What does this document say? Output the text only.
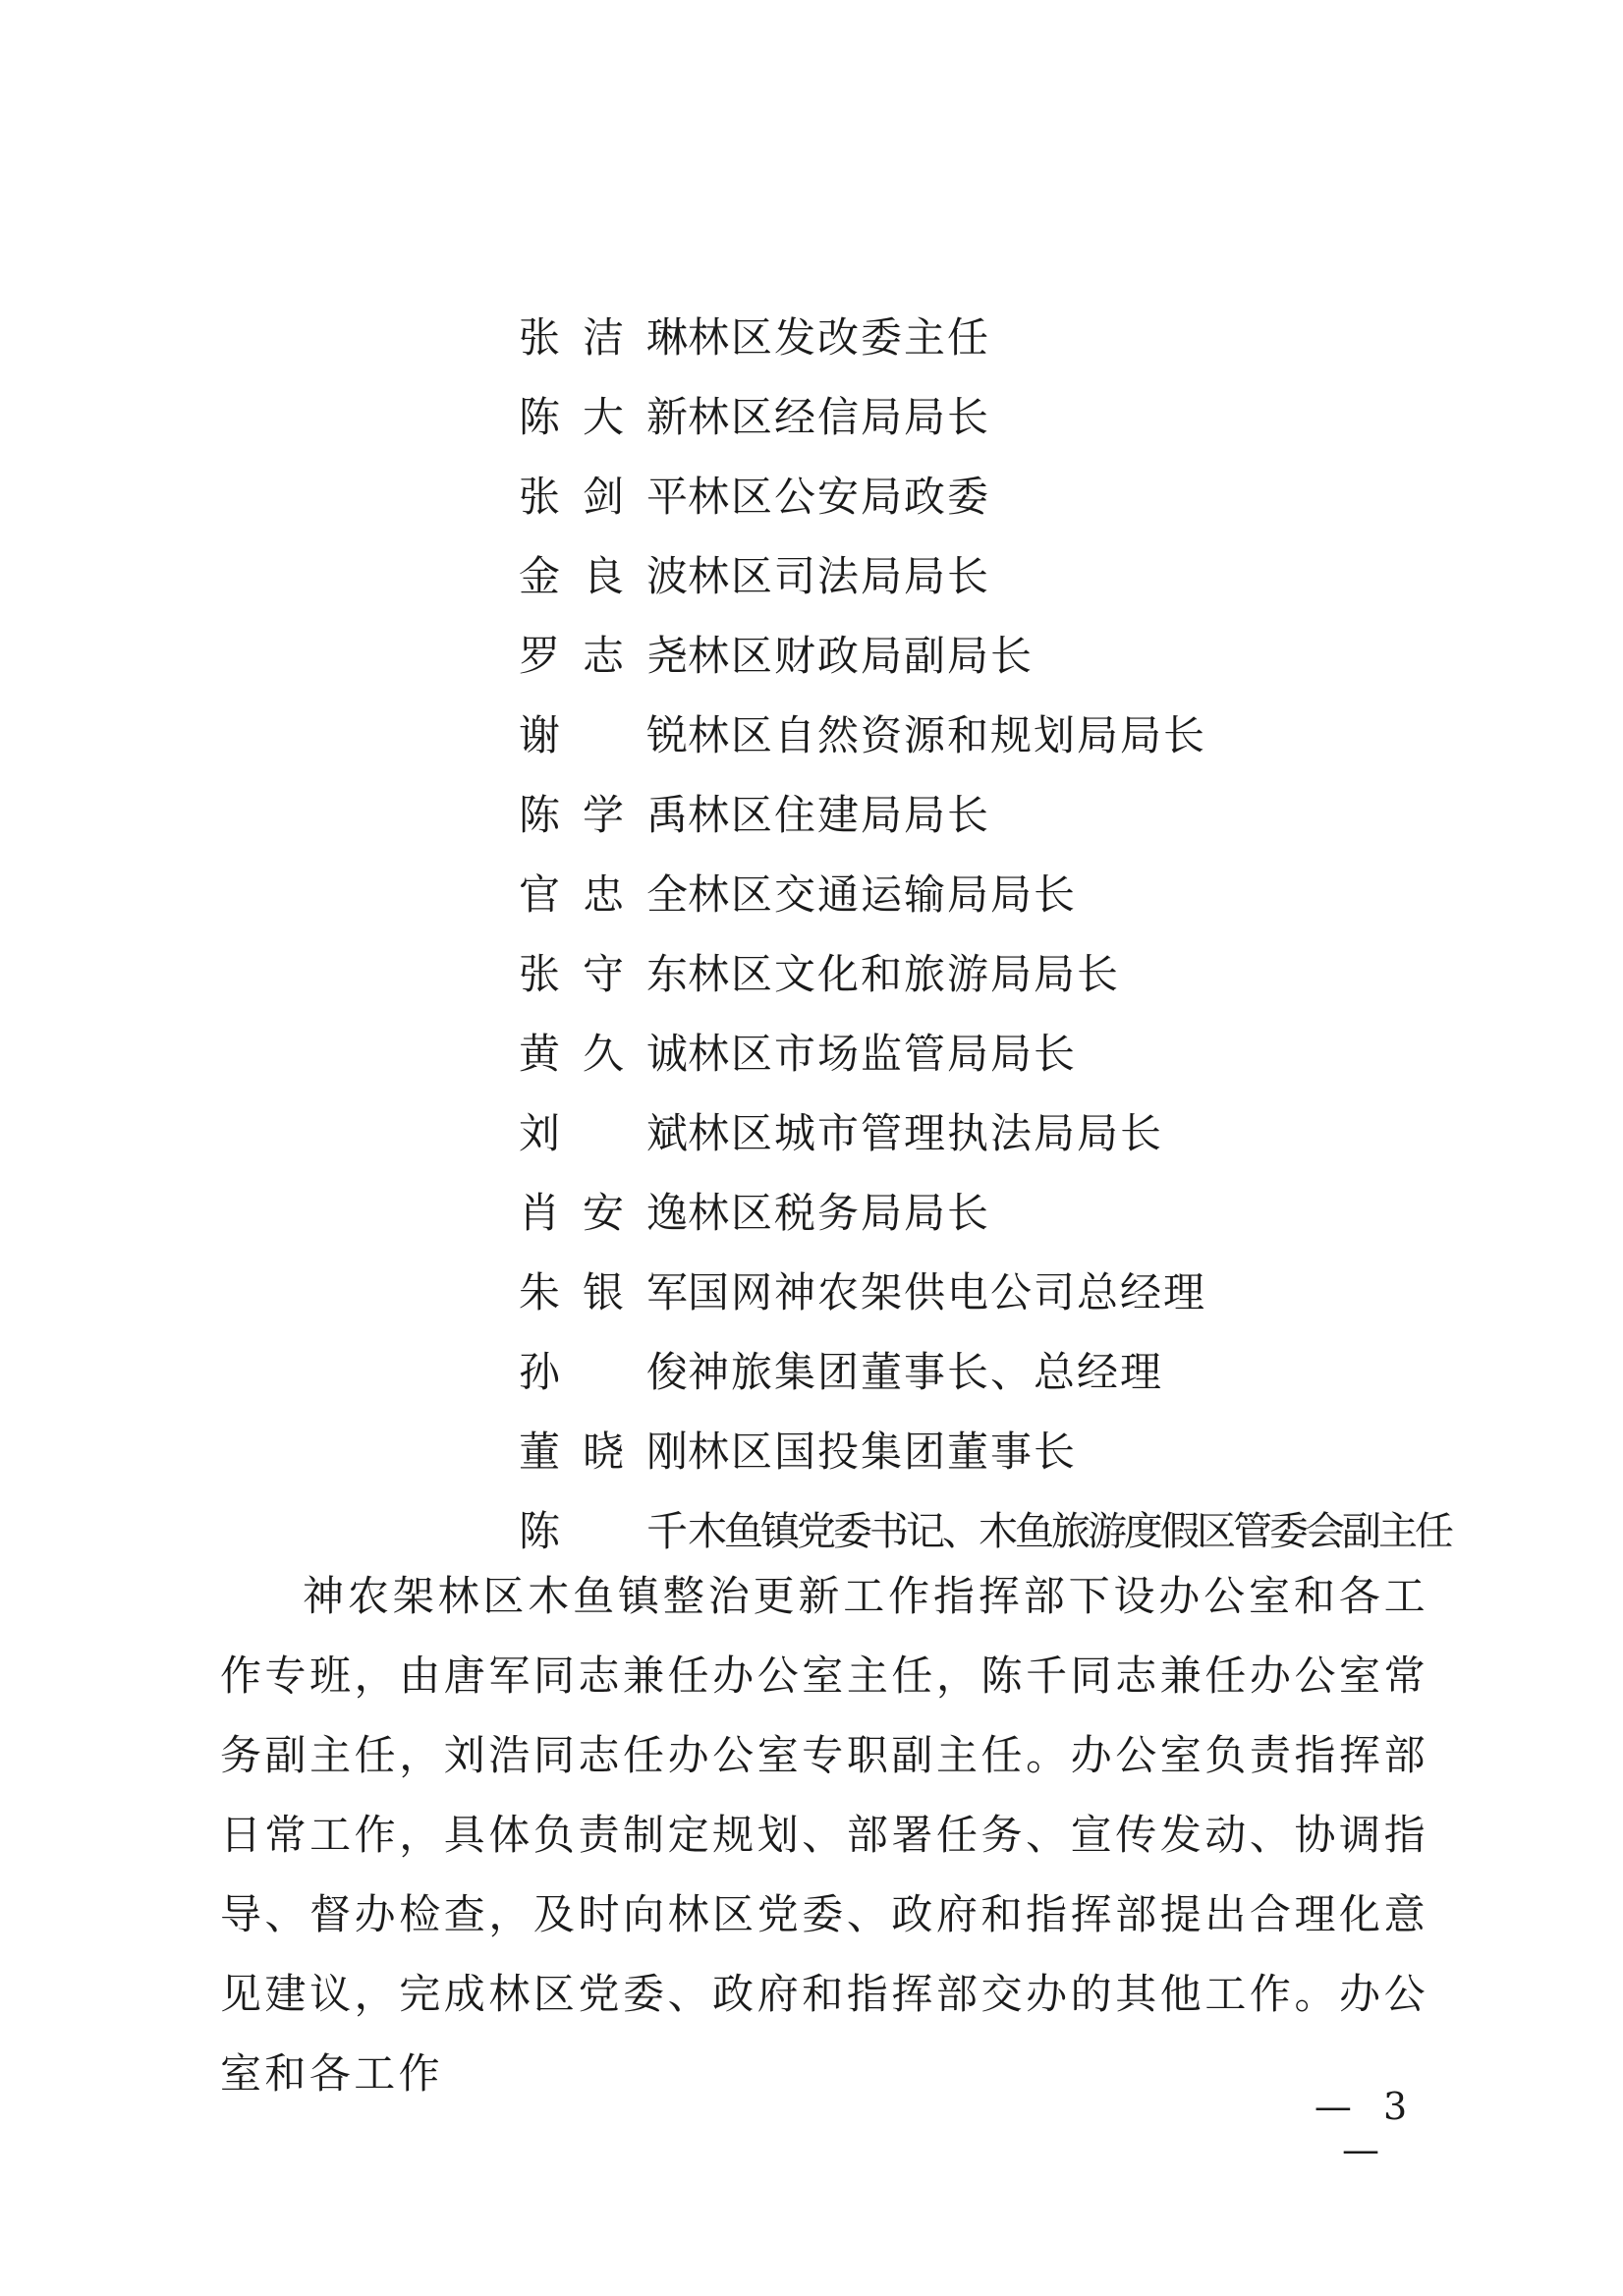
张洁琳 林区发改委主任
陈大新 林区经信局局长
张剑平 林区公安局政委
金良波 林区司法局局长
罗志尧 林区财政局副局长
谢　锐 林区自然资源和规划局局长
陈学禹 林区住建局局长
官忠全 林区交通运输局局长
张守东 林区文化和旅游局局长
黄久诚 林区市场监管局局长
刘　斌 林区城市管理执法局局长
肖安逸 林区税务局局长
朱银军 国网神农架供电公司总经理
孙　俊 神旅集团董事长、总经理
董晓刚 林区国投集团董事长
陈　千 木鱼镇党委书记、木鱼旅游度假区管委会副主任

神农架林区木鱼镇整治更新工作指挥部下设办公室和各工作专班，由唐军同志兼任办公室主任，陈千同志兼任办公室常务副主任，刘浩同志任办公室专职副主任。办公室负责指挥部日常工作，具体负责制定规划、部署任务、宣传发动、协调指导、督办检查，及时向林区党委、政府和指挥部提出合理化意见建议，完成林区党委、政府和指挥部交办的其他工作。办公室和各工作

— 3 —
